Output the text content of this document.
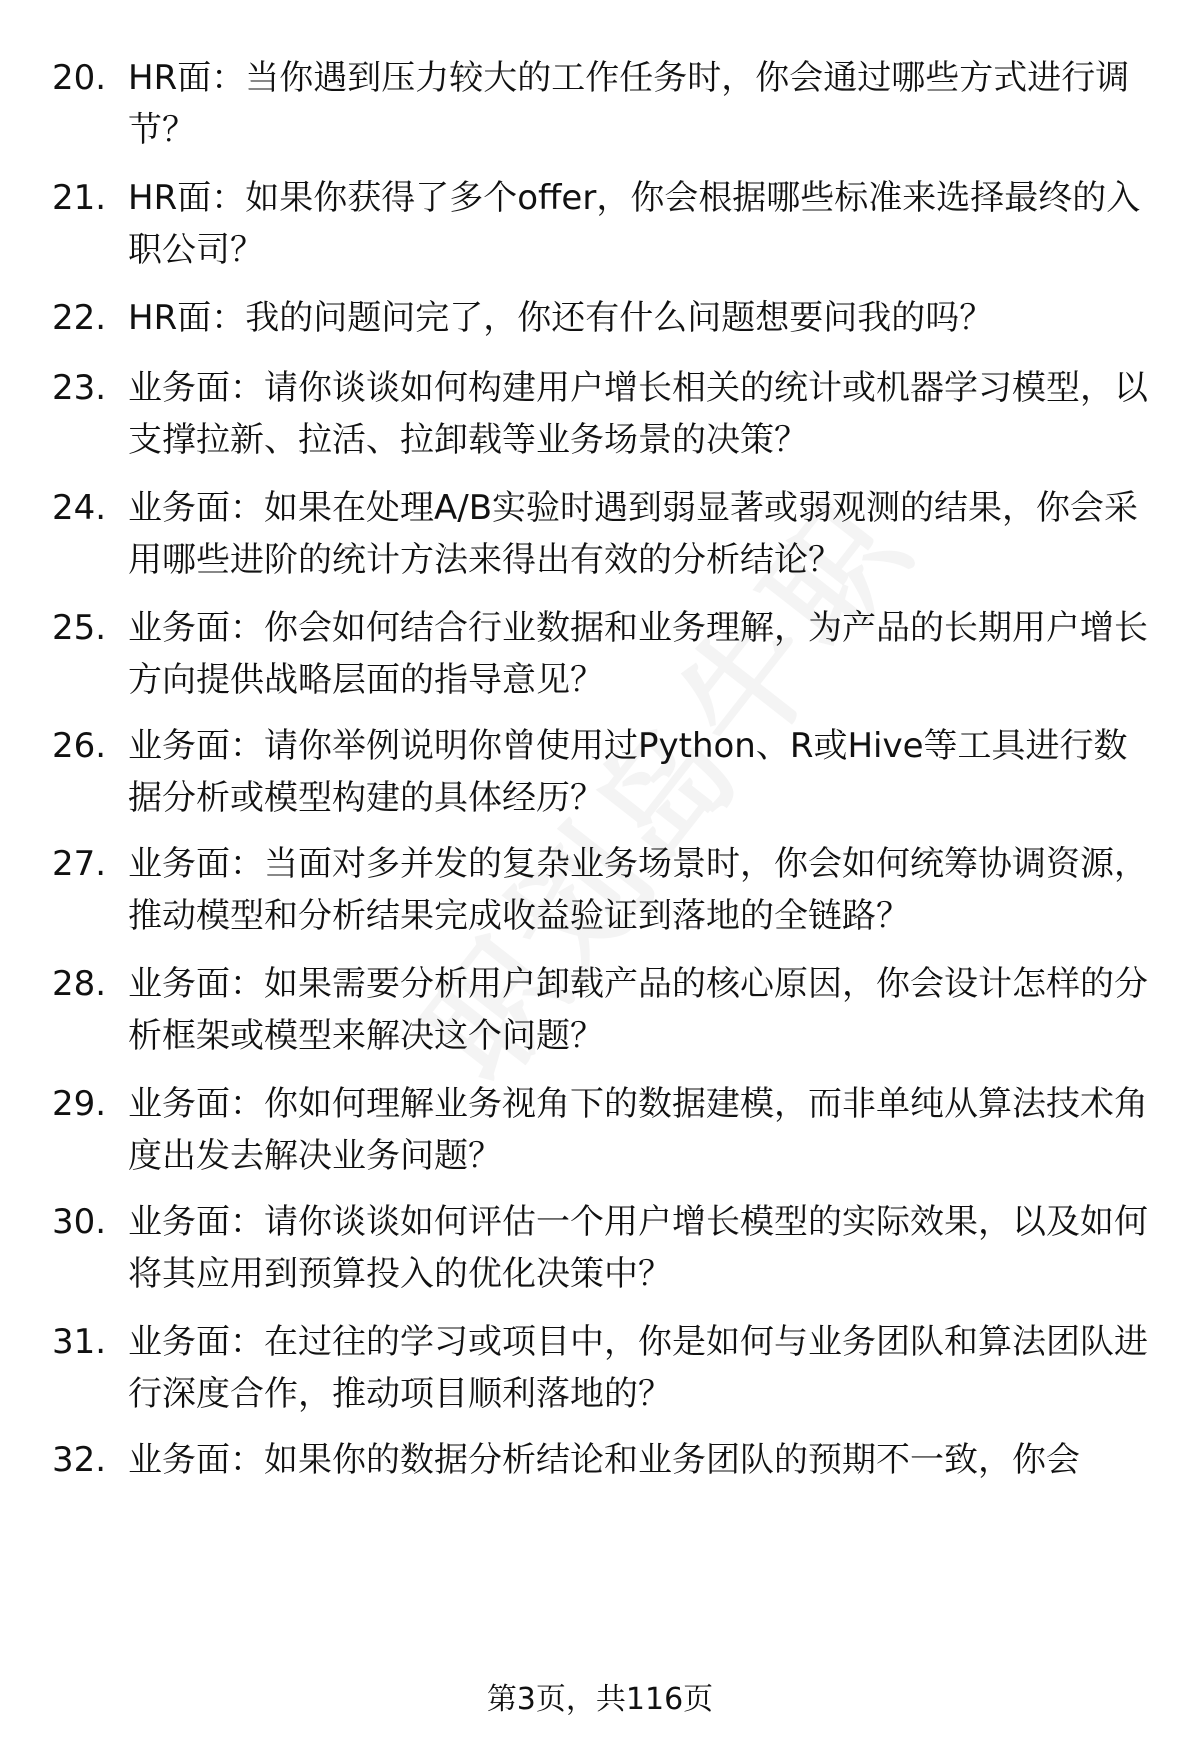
20. HR面：当你遇到压力较大的工作任务时，你会通过哪些方式进行调节？
21. HR面：如果你获得了多个offer，你会根据哪些标准来选择最终的入职公司？
22. HR面：我的问题问完了，你还有什么问题想要问我的吗？
23. 业务面：请你谈谈如何构建用户增长相关的统计或机器学习模型，以支撑拉新、拉活、拉卸载等业务场景的决策？
24. 业务面：如果在处理A/B实验时遇到弱显著或弱观测的结果，你会采用哪些进阶的统计方法来得出有效的分析结论？
25. 业务面：你会如何结合行业数据和业务理解，为产品的长期用户增长方向提供战略层面的指导意见？
26. 业务面：请你举例说明你曾使用过Python、R或Hive等工具进行数据分析或模型构建的具体经历？
27. 业务面：当面对多并发的复杂业务场景时，你会如何统筹协调资源，推动模型和分析结果完成收益验证到落地的全链路？
28. 业务面：如果需要分析用户卸载产品的核心原因，你会设计怎样的分析框架或模型来解决这个问题？
29. 业务面：你如何理解业务视角下的数据建模，而非单纯从算法技术角度出发去解决业务问题？
30. 业务面：请你谈谈如何评估一个用户增长模型的实际效果，以及如何将其应用到预算投入的优化决策中？
31. 业务面：在过往的学习或项目中，你是如何与业务团队和算法团队进行深度合作，推动项目顺利落地的？
32. 业务面：如果你的数据分析结论和业务团队的预期不一致，你会
第3页，共116页
